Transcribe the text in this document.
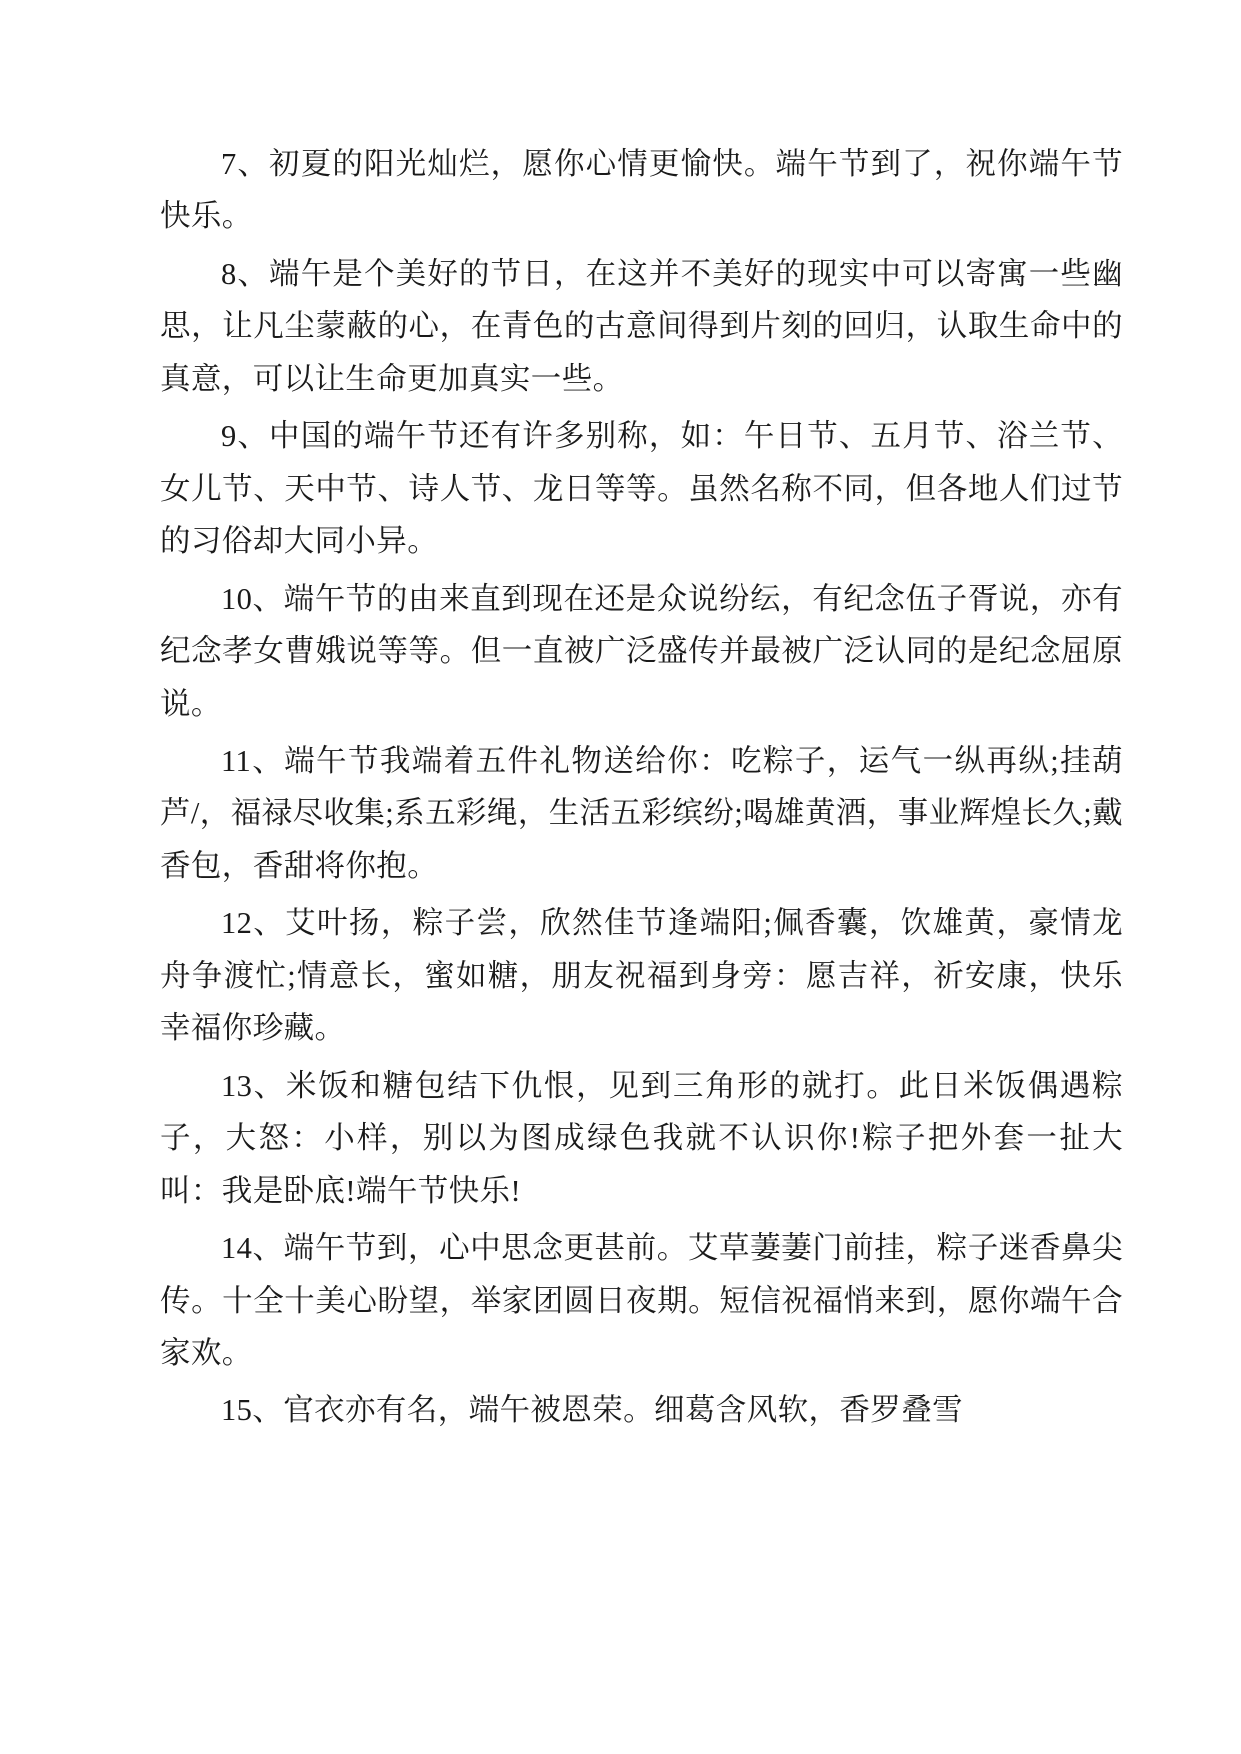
7、初夏的阳光灿烂，愿你心情更愉快。端午节到了，祝你端午节快乐。

8、端午是个美好的节日，在这并不美好的现实中可以寄寓一些幽思，让凡尘蒙蔽的心，在青色的古意间得到片刻的回归，认取生命中的真意，可以让生命更加真实一些。

9、中国的端午节还有许多别称，如：午日节、五月节、浴兰节、女儿节、天中节、诗人节、龙日等等。虽然名称不同，但各地人们过节的习俗却大同小异。

10、端午节的由来直到现在还是众说纷纭，有纪念伍子胥说，亦有纪念孝女曹娥说等等。但一直被广泛盛传并最被广泛认同的是纪念屈原说。

11、端午节我端着五件礼物送给你：吃粽子，运气一纵再纵;挂葫芦/，福禄尽收集;系五彩绳，生活五彩缤纷;喝雄黄酒，事业辉煌长久;戴香包，香甜将你抱。

12、艾叶扬，粽子尝，欣然佳节逢端阳;佩香囊，饮雄黄，豪情龙舟争渡忙;情意长，蜜如糖，朋友祝福到身旁：愿吉祥，祈安康，快乐幸福你珍藏。

13、米饭和糖包结下仇恨，见到三角形的就打。此日米饭偶遇粽子，大怒：小样，别以为图成绿色我就不认识你!粽子把外套一扯大叫：我是卧底!端午节快乐!

14、端午节到，心中思念更甚前。艾草萋萋门前挂，粽子迷香鼻尖传。十全十美心盼望，举家团圆日夜期。短信祝福悄来到，愿你端午合家欢。

15、官衣亦有名，端午被恩荣。细葛含风软，香罗叠雪
